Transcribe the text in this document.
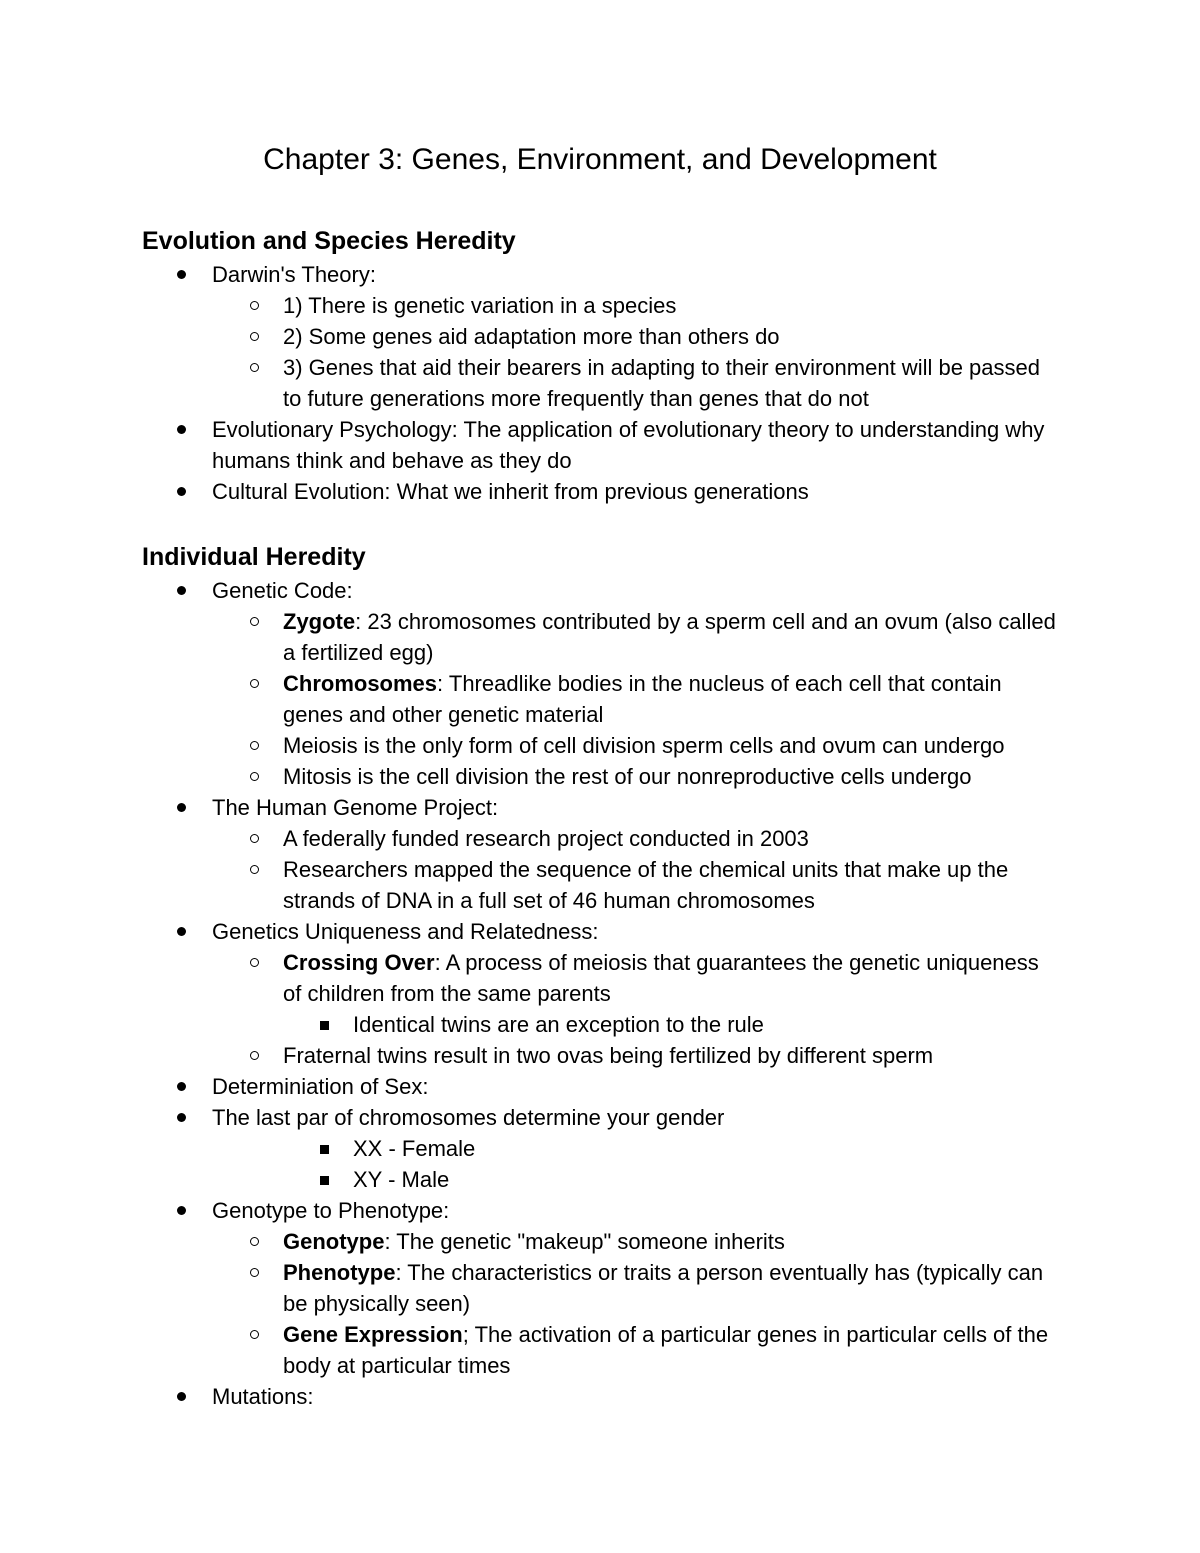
Chapter 3: Genes, Environment, and Development
Evolution and Species Heredity
Darwin's Theory:
1) There is genetic variation in a species
2) Some genes aid adaptation more than others do
3) Genes that aid their bearers in adapting to their environment will be passed to future generations more frequently than genes that do not
Evolutionary Psychology: The application of evolutionary theory to understanding why humans think and behave as they do
Cultural Evolution: What we inherit from previous generations
Individual Heredity
Genetic Code:
Zygote: 23 chromosomes contributed by a sperm cell and an ovum (also called a fertilized egg)
Chromosomes: Threadlike bodies in the nucleus of each cell that contain genes and other genetic material
Meiosis is the only form of cell division sperm cells and ovum can undergo
Mitosis is the cell division the rest of our nonreproductive cells undergo
The Human Genome Project:
A federally funded research project conducted in 2003
Researchers mapped the sequence of the chemical units that make up the strands of DNA in a full set of 46 human chromosomes
Genetics Uniqueness and Relatedness:
Crossing Over: A process of meiosis that guarantees the genetic uniqueness of children from the same parents
Identical twins are an exception to the rule
Fraternal twins result in two ovas being fertilized by different sperm
Determiniation of Sex:
The last par of chromosomes determine your gender
XX - Female
XY - Male
Genotype to Phenotype:
Genotype: The genetic "makeup" someone inherits
Phenotype: The characteristics or traits a person eventually has (typically can be physically seen)
Gene Expression; The activation of a particular genes in particular cells of the body at particular times
Mutations:
